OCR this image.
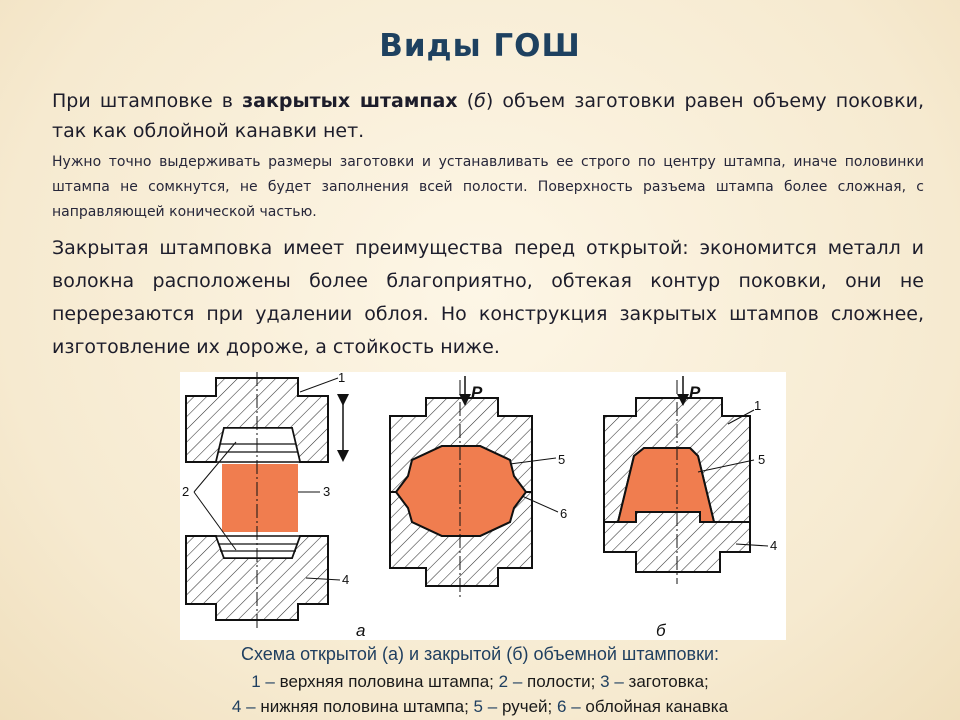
Виды ГОШ
При штамповке в закрытых штампах (б) объем заготовки равен объему поковки, так как облойной канавки нет.
Нужно точно выдерживать размеры заготовки и устанавливать ее строго по центру штампа, иначе половинки штампа не сомкнутся, не будет заполнения всей полости. Поверхность разъема штампа более сложная, с направляющей конической частью.
Закрытая штамповка имеет преимущества перед открытой: экономится металл и волокна расположены более благоприятно, обтекая контур поковки, они не перерезаются при удалении облоя. Но конструкция закрытых штампов сложнее, изготовление их дороже, а стойкость ниже.
1
2	3
4
а
P
5
6
P
1
5
4
б
Схема открытой (а) и закрытой (б) объемной штамповки:
1 – верхняя половина штампа; 2 – полости; 3 – заготовка;
4 – нижняя половина штампа; 5 – ручей; 6 – облойная канавка
